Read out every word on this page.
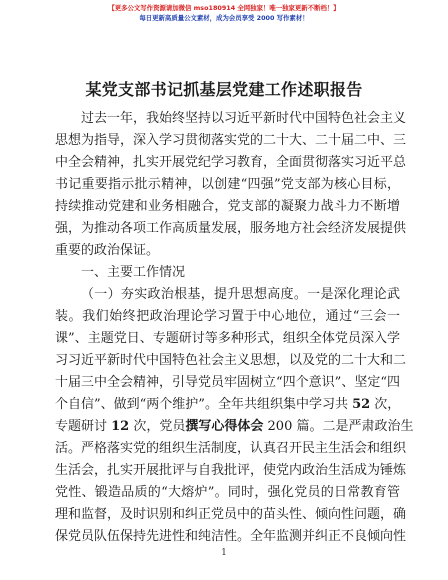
【更多公文写作资源请加微信 mso180914 全网独家！唯一独家更新不断档！】
每日更新高质量公文素材，成为会员享受 2000 写作素材！
某党支部书记抓基层党建工作述职报告
过去一年，我始终坚持以习近平新时代中国特色社会主义
思想为指导，深入学习贯彻落实党的二十大、二十届二中、三
中全会精神，扎实开展党纪学习教育，全面贯彻落实习近平总
书记重要指示批示精神，以创建“四强”党支部为核心目标，
持续推动党建和业务相融合，党支部的凝聚力战斗力不断增
强，为推动各项工作高质量发展，服务地方社会经济发展提供
重要的政治保证。
一、主要工作情况
（一）夯实政治根基，提升思想高度。一是深化理论武
装。我们始终把政治理论学习置于中心地位，通过“三会一
课”、主题党日、专题研讨等多种形式，组织全体党员深入学
习习近平新时代中国特色社会主义思想，以及党的二十大和二
十届三中全会精神，引导党员牢固树立“四个意识”、坚定“四
个自信”、做到“两个维护”。全年共组织集中学习共 52 次，
专题研讨 12 次，党员撰写心得体会 200 篇。二是严肃政治生
活。严格落实党的组织生活制度，认真召开民主生活会和组织
生活会，扎实开展批评与自我批评，使党内政治生活成为锤炼
党性、锻造品质的“大熔炉”。同时，强化党员的日常教育管
理和监督，及时识别和纠正党员中的苗头性、倾向性问题，确
保党员队伍保持先进性和纯洁性。全年监测并纠正不良倾向性
1
